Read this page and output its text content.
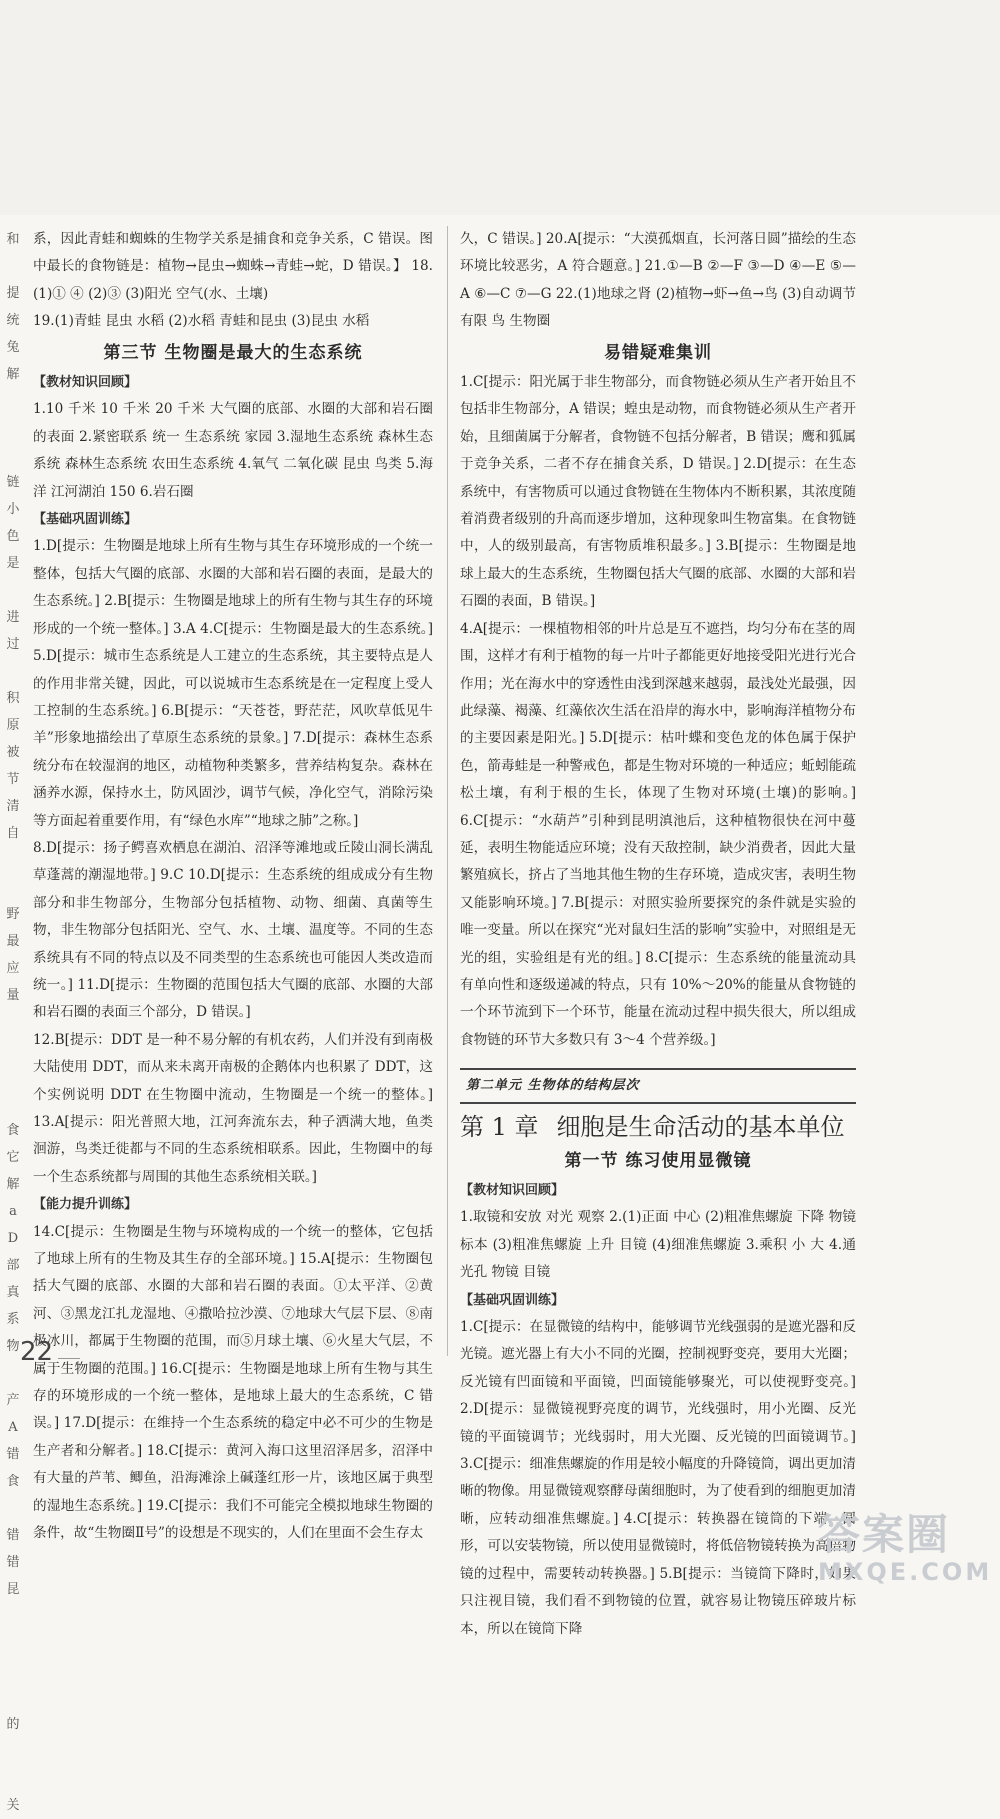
和
提
统
兔
解
链
小
色
是
进
过
积
原
被
节
清
自
野
最
应
量
食
它
解
a
D
部
真
系
物
产
A
错
食
错
错
昆
的
关

系，因此青蛙和蜘蛛的生物学关系是捕食和竞争关系，C 错误。图中最长的食物链是：植物→昆虫→蜘蛛→青蛙→蛇，D 错误。】 18.(1)① ④ (2)③ (3)阳光 空气(水、土壤)

19.(1)青蛙 昆虫 水稻 (2)水稻 青蛙和昆虫 (3)昆虫 水稻

第三节 生物圈是最大的生态系统
【教材知识回顾】

1.10 千米 10 千米 20 千米 大气圈的底部、水圈的大部和岩石圈的表面 2.紧密联系 统一 生态系统 家园 3.湿地生态系统 森林生态系统 森林生态系统 农田生态系统 4.氧气 二氧化碳 昆虫 鸟类 5.海洋 江河湖泊 150 6.岩石圈

【基础巩固训练】

1.D[提示：生物圈是地球上所有生物与其生存环境形成的一个统一整体，包括大气圈的底部、水圈的大部和岩石圈的表面，是最大的生态系统。] 2.B[提示：生物圈是地球上的所有生物与其生存的环境形成的一个统一整体。] 3.A 4.C[提示：生物圈是最大的生态系统。] 5.D[提示：城市生态系统是人工建立的生态系统，其主要特点是人的作用非常关键，因此，可以说城市生态系统是在一定程度上受人工控制的生态系统。] 6.B[提示：“天苍苍，野茫茫，风吹草低见牛羊”形象地描绘出了草原生态系统的景象。] 7.D[提示：森林生态系统分布在较湿润的地区，动植物种类繁多，营养结构复杂。森林在涵养水源，保持水土，防风固沙，调节气候，净化空气，消除污染等方面起着重要作用，有“绿色水库”“地球之肺”之称。]

8.D[提示：扬子鳄喜欢栖息在湖泊、沼泽等滩地或丘陵山洞长满乱草蓬蒿的潮湿地带。] 9.C 10.D[提示：生态系统的组成成分有生物部分和非生物部分，生物部分包括植物、动物、细菌、真菌等生物，非生物部分包括阳光、空气、水、土壤、温度等。不同的生态系统具有不同的特点以及不同类型的生态系统也可能因人类改造而统一。] 11.D[提示：生物圈的范围包括大气圈的底部、水圈的大部和岩石圈的表面三个部分，D 错误。]

12.B[提示：DDT 是一种不易分解的有机农药，人们并没有到南极大陆使用 DDT，而从来未离开南极的企鹅体内也积累了 DDT，这个实例说明 DDT 在生物圈中流动，生物圈是一个统一的整体。] 13.A[提示：阳光普照大地，江河奔流东去，种子洒满大地，鱼类洄游，鸟类迁徙都与不同的生态系统相联系。因此，生物圈中的每一个生态系统都与周围的其他生态系统相关联。]

【能力提升训练】

14.C[提示：生物圈是生物与环境构成的一个统一的整体，它包括了地球上所有的生物及其生存的全部环境。] 15.A[提示：生物圈包括大气圈的底部、水圈的大部和岩石圈的表面。①太平洋、②黄河、③黑龙江扎龙湿地、④撒哈拉沙漠、⑦地球大气层下层、⑧南极冰川，都属于生物圈的范围，而⑤月球土壤、⑥火星大气层，不属于生物圈的范围。] 16.C[提示：生物圈是地球上所有生物与其生存的环境形成的一个统一整体，是地球上最大的生态系统，C 错误。] 17.D[提示：在维持一个生态系统的稳定中必不可少的生物是生产者和分解者。] 18.C[提示：黄河入海口这里沼泽居多，沼泽中有大量的芦苇、鲫鱼，沿海滩涂上碱蓬红形一片，该地区属于典型的湿地生态系统。] 19.C[提示：我们不可能完全模拟地球生物圈的条件，故“生物圈Ⅱ号”的设想是不现实的，人们在里面不会生存太

久，C 错误。] 20.A[提示：“大漠孤烟直，长河落日圆”描绘的生态环境比较恶劣，A 符合题意。] 21.①—B ②—F ③—D ④—E ⑤—A ⑥—C ⑦—G 22.(1)地球之肾 (2)植物→虾→鱼→鸟 (3)自动调节 有限 鸟 生物圈

易错疑难集训

1.C[提示：阳光属于非生物部分，而食物链必须从生产者开始且不包括非生物部分，A 错误；蝗虫是动物，而食物链必须从生产者开始，且细菌属于分解者，食物链不包括分解者，B 错误；鹰和狐属于竞争关系，二者不存在捕食关系，D 错误。] 2.D[提示：在生态系统中，有害物质可以通过食物链在生物体内不断积累，其浓度随着消费者级别的升高而逐步增加，这种现象叫生物富集。在食物链中，人的级别最高，有害物质堆积最多。] 3.B[提示：生物圈是地球上最大的生态系统，生物圈包括大气圈的底部、水圈的大部和岩石圈的表面，B 错误。]

4.A[提示：一棵植物相邻的叶片总是互不遮挡，均匀分布在茎的周围，这样才有利于植物的每一片叶子都能更好地接受阳光进行光合作用；光在海水中的穿透性由浅到深越来越弱，最浅处光最强，因此绿藻、褐藻、红藻依次生活在沿岸的海水中，影响海洋植物分布的主要因素是阳光。] 5.D[提示：枯叶蝶和变色龙的体色属于保护色，箭毒蛙是一种警戒色，都是生物对环境的一种适应；蚯蚓能疏松土壤，有利于根的生长，体现了生物对环境(土壤)的影响。] 6.C[提示：“水葫芦”引种到昆明滇池后，这种植物很快在河中蔓延，表明生物能适应环境；没有天敌控制，缺少消费者，因此大量繁殖疯长，挤占了当地其他生物的生存环境，造成灾害，表明生物又能影响环境。] 7.B[提示：对照实验所要探究的条件就是实验的唯一变量。所以在探究“光对鼠妇生活的影响”实验中，对照组是无光的组，实验组是有光的组。] 8.C[提示：生态系统的能量流动具有单向性和逐级递减的特点，只有 10%～20%的能量从食物链的一个环节流到下一个环节，能量在流动过程中损失很大，所以组成食物链的环节大多数只有 3～4 个营养级。]

第二单元 生物体的结构层次
第 1 章 细胞是生命活动的基本单位
第一节 练习使用显微镜
【教材知识回顾】

1.取镜和安放 对光 观察 2.(1)正面 中心 (2)粗准焦螺旋 下降 物镜 标本 (3)粗准焦螺旋 上升 目镜 (4)细准焦螺旋 3.乘积 小 大 4.通光孔 物镜 目镜

【基础巩固训练】

1.C[提示：在显微镜的结构中，能够调节光线强弱的是遮光器和反光镜。遮光器上有大小不同的光圈，控制视野变亮，要用大光圈；反光镜有凹面镜和平面镜，凹面镜能够聚光，可以使视野变亮。] 2.D[提示：显微镜视野亮度的调节，光线强时，用小光圈、反光镜的平面镜调节；光线弱时，用大光圈、反光镜的凹面镜调节。] 3.C[提示：细准焦螺旋的作用是较小幅度的升降镜筒，调出更加清晰的物像。用显微镜观察酵母菌细胞时，为了使看到的细胞更加清晰，应转动细准焦螺旋。] 4.C[提示：转换器在镜筒的下端，圆形，可以安装物镜，所以使用显微镜时，将低倍物镜转换为高倍物镜的过程中，需要转动转换器。] 5.B[提示：当镜筒下降时，如果只注视目镜，我们看不到物镜的位置，就容易让物镜压碎玻片标本，所以在镜筒下降

22
答案圈
MXQE.COM
